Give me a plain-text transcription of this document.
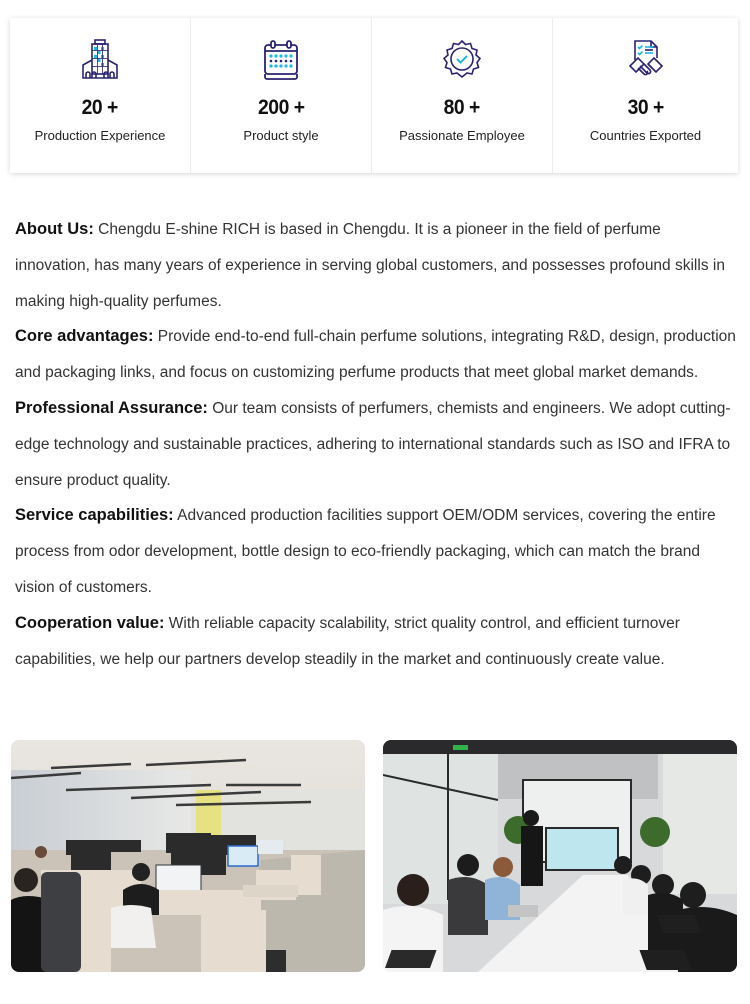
20 +
Production Experience
200 +
Product style
80 +
Passionate Employee
30 +
Countries Exported

About Us: Chengdu E-shine RICH is based in Chengdu. It is a pioneer in the field of perfume innovation, has many years of experience in serving global customers, and possesses profound skills in making high-quality perfumes.

Core advantages: Provide end-to-end full-chain perfume solutions, integrating R&D, design, production and packaging links, and focus on customizing perfume products that meet global market demands.

Professional Assurance: Our team consists of perfumers, chemists and engineers. We adopt cutting-edge technology and sustainable practices, adhering to international standards such as ISO and IFRA to ensure product quality.

Service capabilities: Advanced production facilities support OEM/ODM services, covering the entire process from odor development, bottle design to eco-friendly packaging, which can match the brand vision of customers.

Cooperation value: With reliable capacity scalability, strict quality control, and efficient turnover capabilities, we help our partners develop steadily in the market and continuously create value.
